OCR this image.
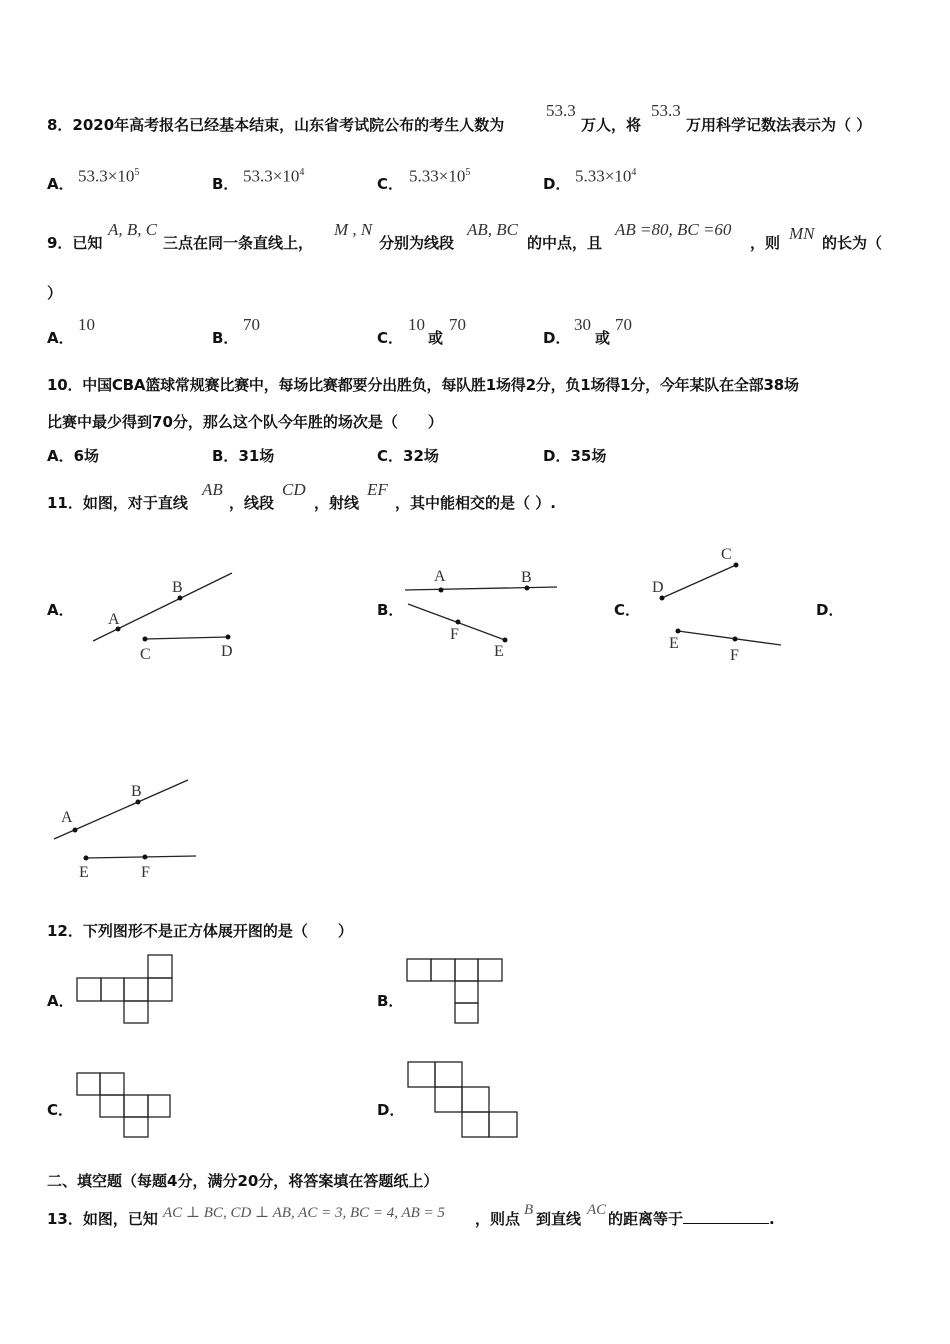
8．2020年高考报名已经基本结束，山东省考试院公布的考生人数为
53.3
万人，将
53.3
万用科学记数法表示为（ ）
A． $53.3\times 10^5$
B． $53.3\times 10^4$
C． $5.33\times 10^5$
D． $5.33\times 10^4$
9．已知
A, B, C
三点在同一条直线上，
M , N
分别为线段
AB, BC
的中点，且
AB =80, BC =60
，则 MN 的长为（
）
A．
10
B．
70
C．
10
或
70
D．
30
或
70
10．中国CBA篮球常规赛比赛中，每场比赛都要分出胜负，每队胜1场得2分，负1场得1分，今年某队在全部38场
比赛中最少得到70分，那么这个队今年胜的场次是（　　）
A．6场	B．31场	C．32场	D．35场
11．如图，对于直线
AB
，线段
CD
，射线
EF
，其中能相交的是（ ）.
A．
A
B
C	D
B．
A	B
F
E
C．
C
D
E
F
D．
A
B
E	F
12．下列图形不是正方体展开图的是（　　）
A．	B．
C．	D．
二、填空题（每题4分，满分20分，将答案填在答题纸上）
13．如图，已知 AC ⊥ BC, CD ⊥ AB, AC = 3, BC = 4, AB = 5 ，则点 B 到直线 AC 的距离等于	.
